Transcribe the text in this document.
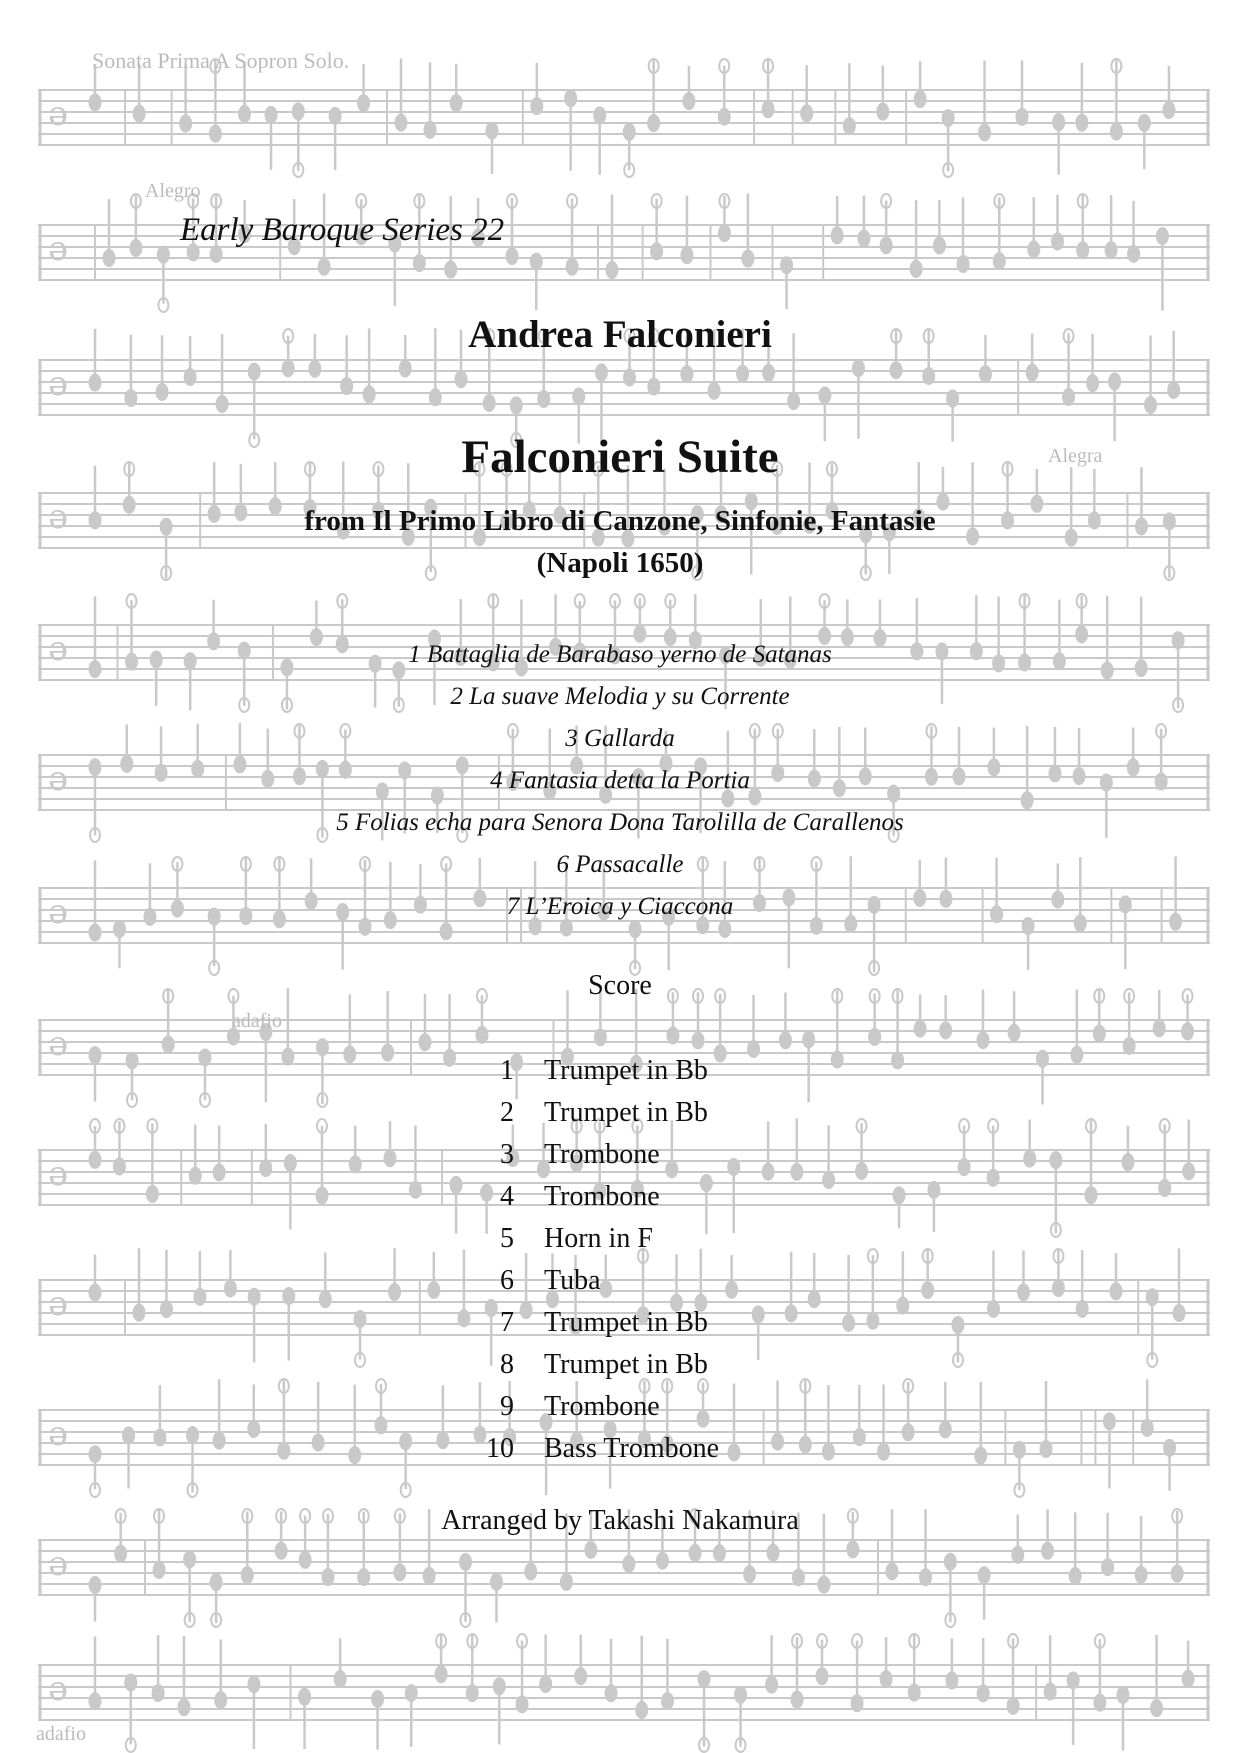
ə
ə
ə
ə
ə
ə
ə
ə
ə
ə
ə
ə
ə
Sonata Prima A Sopron Solo.
Alegro
Alegra
adafio
adafio
Early Baroque Series 22
Andrea Falconieri
Falconieri Suite
from Il Primo Libro di Canzone, Sinfonie, Fantasie
(Napoli 1650)
1 Battaglia de Barabaso yerno de Satanas
2 La suave Melodia y su Corrente
3 Gallarda
4 Fantasia detta la Portia
5 Folias echa para Senora Dona Tarolilla de Carallenos
6 Passacalle
7 L’Eroica y Ciaccona
Score
1 Trumpet in Bb
2 Trumpet in Bb
3 Trombone
4 Trombone
5 Horn in F
6 Tuba
7 Trumpet in Bb
8 Trumpet in Bb
9 Trombone
10 Bass Trombone
Arranged by Takashi Nakamura
